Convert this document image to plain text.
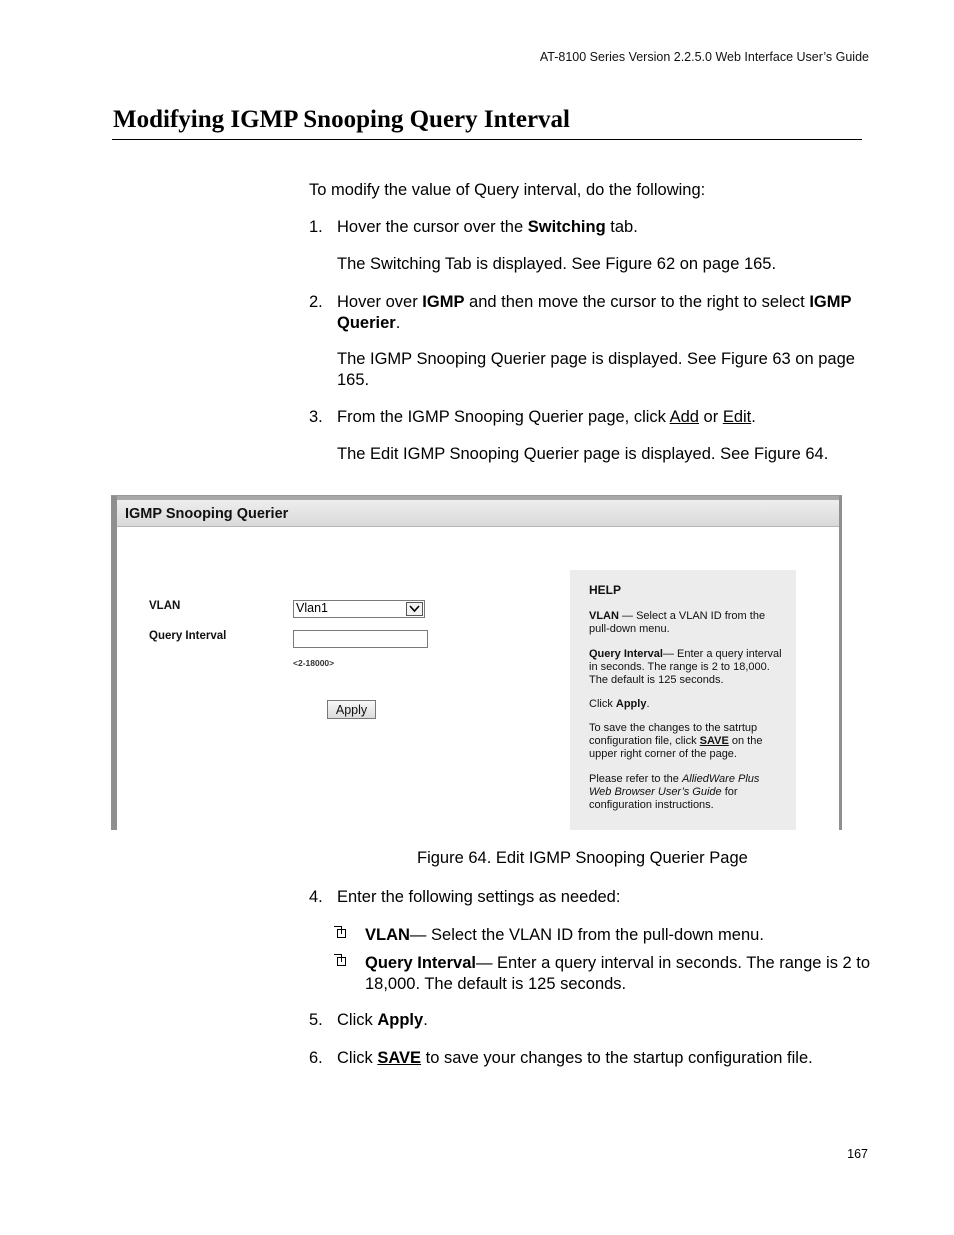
AT-8100 Series Version 2.2.5.0 Web Interface User’s Guide
Modifying IGMP Snooping Query Interval
To modify the value of Query interval, do the following:
1. Hover the cursor over the Switching tab.
The Switching Tab is displayed. See Figure 62 on page 165.
2. Hover over IGMP and then move the cursor to the right to select IGMP Querier.
The IGMP Snooping Querier page is displayed. See Figure 63 on page 165.
3. From the IGMP Snooping Querier page, click Add or Edit.
The Edit IGMP Snooping Querier page is displayed. See Figure 64.
IGMP Snooping Querier
VLAN	Vlan1
Query Interval
<2-18000>
Apply
HELP
VLAN — Select a VLAN ID from the pull-down menu.
Query Interval— Enter a query interval in seconds. The range is 2 to 18,000. The default is 125 seconds.
Click Apply.
To save the changes to the satrtup configuration file, click SAVE on the upper right corner of the page.
Please refer to the AlliedWare Plus Web Browser User’s Guide for configuration instructions.
Figure 64. Edit IGMP Snooping Querier Page
4. Enter the following settings as needed:
VLAN— Select the VLAN ID from the pull-down menu.
Query Interval— Enter a query interval in seconds. The range is 2 to 18,000. The default is 125 seconds.
5. Click Apply.
6. Click SAVE to save your changes to the startup configuration file.
167
